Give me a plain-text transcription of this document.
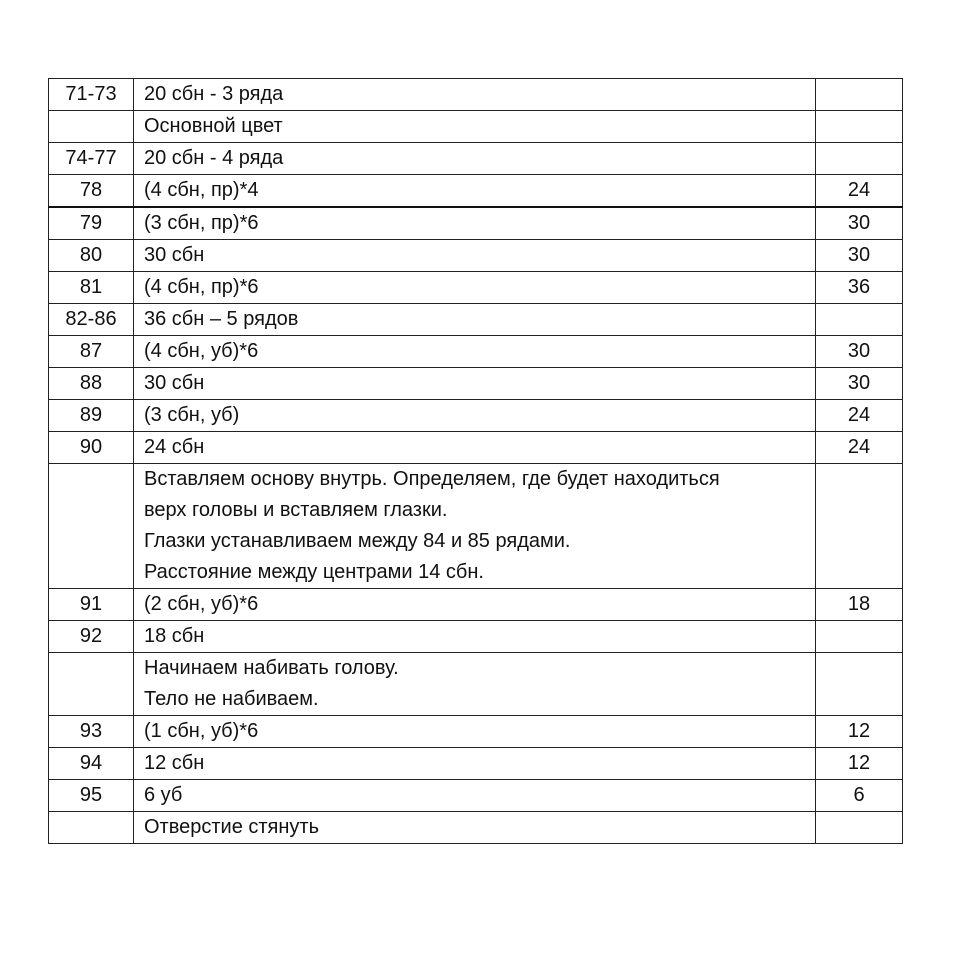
71-73	20 сбн - 3 ряда	

	Основной цвет	

74-77	20 сбн - 4 ряда	

78	(4 сбн, пр)*4	24
79	(3 сбн, пр)*6	30
80	30 сбн	30
81	(4 сбн, пр)*6	36
82-86	36 сбн – 5 рядов	

87	(4 сбн, уб)*6	30
88	30 сбн	30
89	(3 сбн, уб)	24
90	24 сбн	24

	Вставляем основу внутрь. Определяем, где будет находиться
верх головы и вставляем глазки.
Глазки устанавливаем между 84 и 85 рядами.
Расстояние между центрами 14 сбн.	

91	(2 сбн, уб)*6	18
92	18 сбн	

	Начинаем набивать голову.
Тело не набиваем.	

93	(1 сбн, уб)*6	12
94	12 сбн	12
95	6 уб	6

	Отверстие стянуть	
